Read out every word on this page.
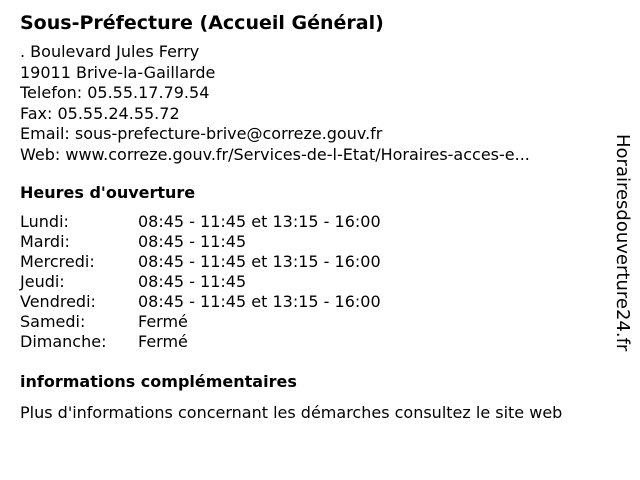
Sous-Préfecture (Accueil Général)
. Boulevard Jules Ferry
19011 Brive-la-Gaillarde
Telefon: 05.55.17.79.54
Fax: 05.55.24.55.72
Email: sous-prefecture-brive@correze.gouv.fr
Web: www.correze.gouv.fr/Services-de-l-Etat/Horaires-acces-e...
Heures d'ouverture
Lundi:	08:45 - 11:45 et 13:15 - 16:00
Mardi:	08:45 - 11:45
Mercredi:	08:45 - 11:45 et 13:15 - 16:00
Jeudi:	08:45 - 11:45
Vendredi:	08:45 - 11:45 et 13:15 - 16:00
Samedi:	Fermé
Dimanche:	Fermé
informations complémentaires
Plus d'informations concernant les démarches consultez le site web
Horairesdouverture24.fr
